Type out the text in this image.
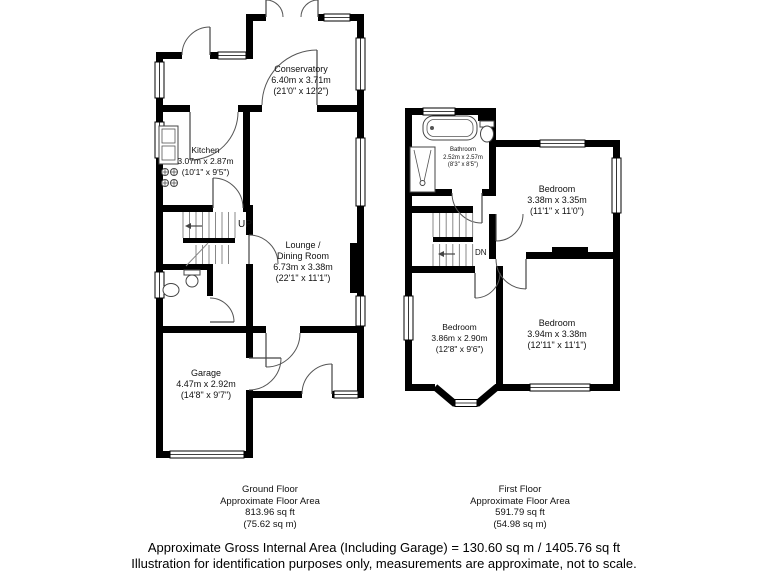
Conservatory
6.40m x 3.71m
(21'0" x 12'2")
Kitchen
3.07m x 2.87m
(10'1" x 9'5")
Lounge /
Dining Room
6.73m x 3.38m
(22'1" x 11'1")
Garage
4.47m x 2.92m
(14'8" x 9'7")
Bathroom
2.52m x 2.57m
(8'3" x 8'5")
Bedroom
3.38m x 3.35m
(11'1" x 11'0")
Bedroom
3.86m x 2.90m
(12'8" x 9'6")
Bedroom
3.94m x 3.38m
(12'11" x 11'1")
UP
DN
Ground Floor
Approximate Floor Area
813.96 sq ft
(75.62 sq m)
First Floor
Approximate Floor Area
591.79 sq ft
(54.98 sq m)
Approximate Gross Internal Area (Including Garage) = 130.60 sq m / 1405.76 sq ft
Illustration for identification purposes only, measurements are approximate, not to scale.
